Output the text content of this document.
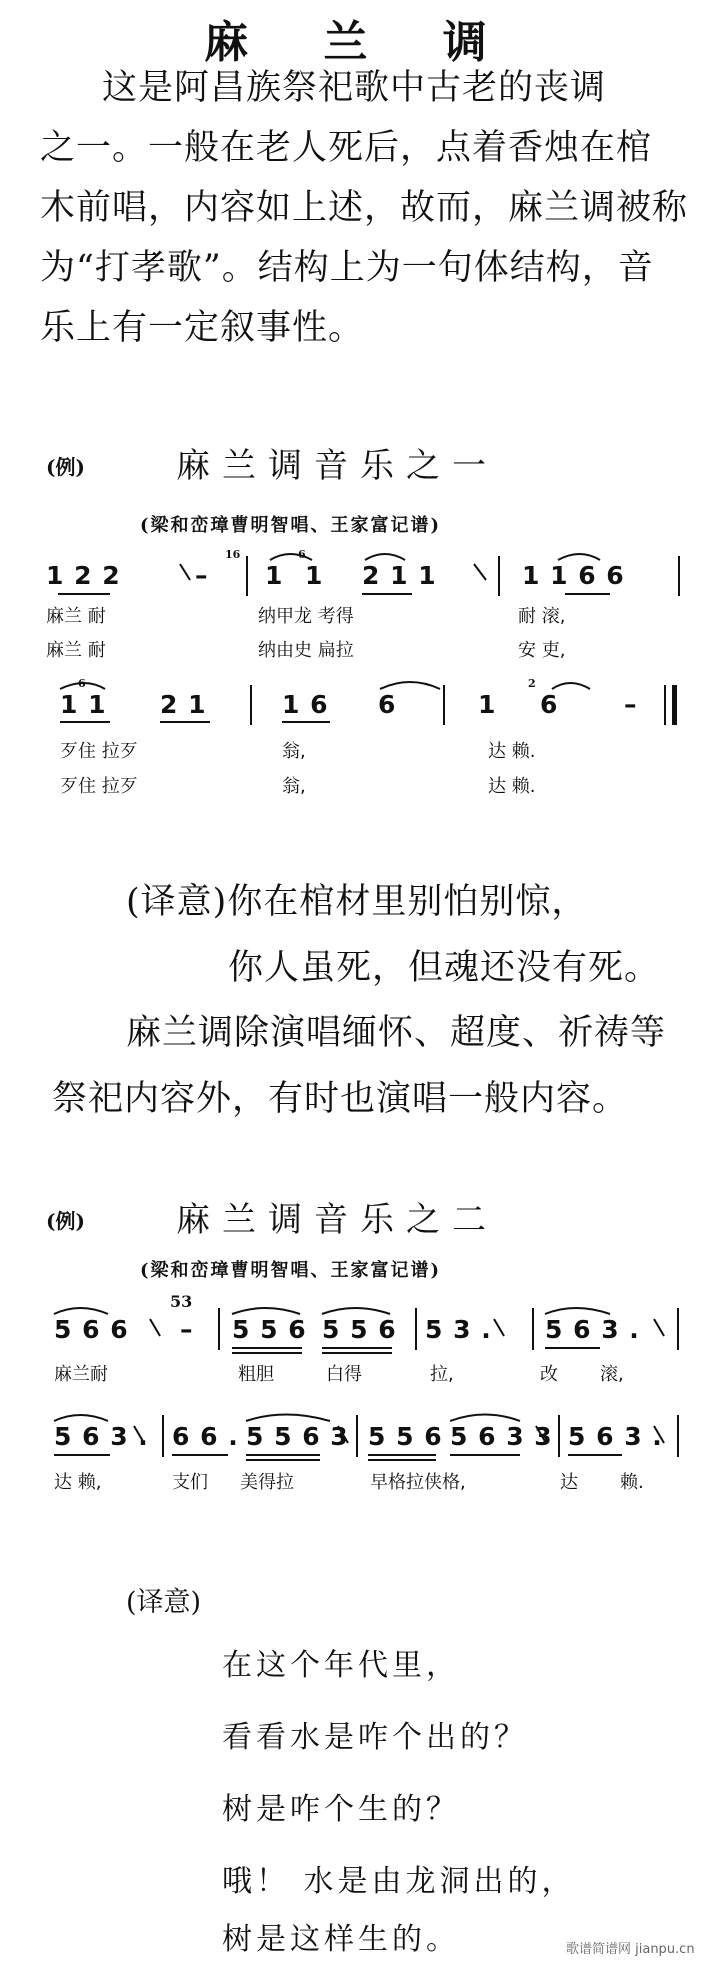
麻 兰 调
这是阿昌族祭祀歌中古老的丧调
之一。一般在老人死后，点着香烛在棺
木前唱，内容如上述，故而，麻兰调被称
为“打孝歌”。结构上为一句体结构，音
乐上有一定叙事性。
(例)	麻兰调音乐之一
(梁和峦璋曹明智唱、王家富记谱)
1 2 2	–
16
1
6
1 2 1 1	1 1 6 6
麻兰 耐	纳甲龙 考得	耐 滚,
麻兰 耐	纳由史 扁拉	安 吏,
6
1 1 2 1	1 6 6	1
2
6	–
歹住 拉歹	翁,	达 赖.
歹住 拉歹	翁,	达 赖.
(译意)你在棺材里别怕别惊，
你人虽死，但魂还没有死。
麻兰调除演唱缅怀、超度、祈祷等
祭祀内容外，有时也演唱一般内容。
(例)	麻兰调音乐之二
(梁和峦璋曹明智唱、王家富记谱)
5 6 6
53
– 5 5 6 5 5 6 5 3 . 5 6 3 .
麻兰耐	粗胆	白得	拉,	改 滚,
5 6 3 . 6 6 . 5 5 6 3 5 5 6 5 6 3 3 5 6 3 .
达 赖,	支们 美得拉	早格拉侠格,	达 赖.
(译意)
在这个年代里，
看看水是咋个出的？
树是咋个生的？
哦！ 水是由龙洞出的，
树是这样生的。	歌谱简谱网 jianpu.cn
